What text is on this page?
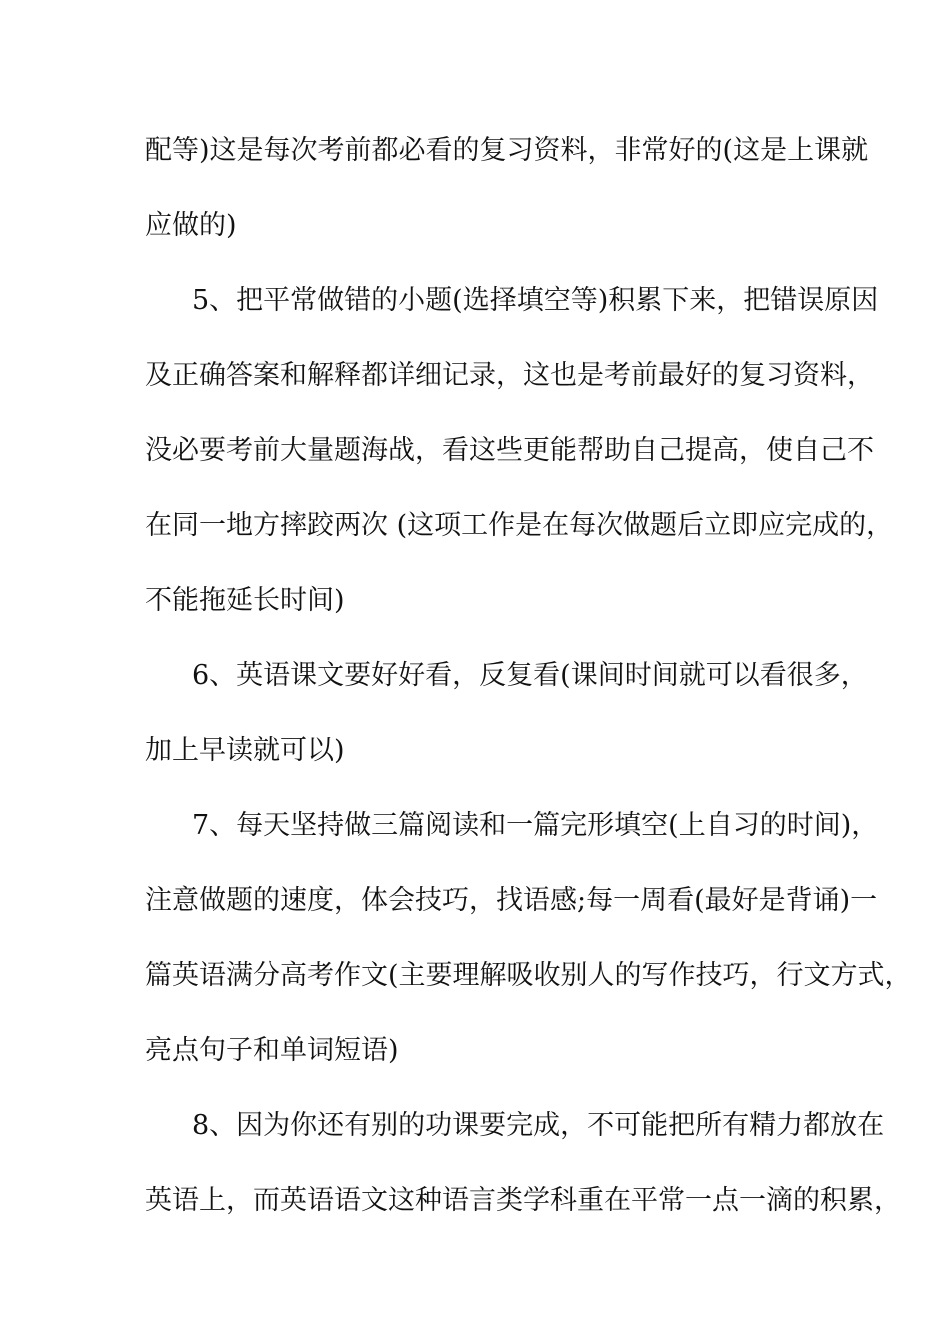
配等)这是每次考前都必看的复习资料，非常好的(这是上课就
应做的)
5、把平常做错的小题(选择填空等)积累下来，把错误原因
及正确答案和解释都详细记录，这也是考前最好的复习资料，
没必要考前大量题海战，看这些更能帮助自己提高，使自己不
在同一地方摔跤两次 (这项工作是在每次做题后立即应完成的，
不能拖延长时间)
6、英语课文要好好看，反复看(课间时间就可以看很多，
加上早读就可以)
7、每天坚持做三篇阅读和一篇完形填空(上自习的时间)，
注意做题的速度，体会技巧，找语感;每一周看(最好是背诵)一
篇英语满分高考作文(主要理解吸收别人的写作技巧，行文方式，
亮点句子和单词短语)
8、因为你还有别的功课要完成，不可能把所有精力都放在
英语上，而英语语文这种语言类学科重在平常一点一滴的积累，
